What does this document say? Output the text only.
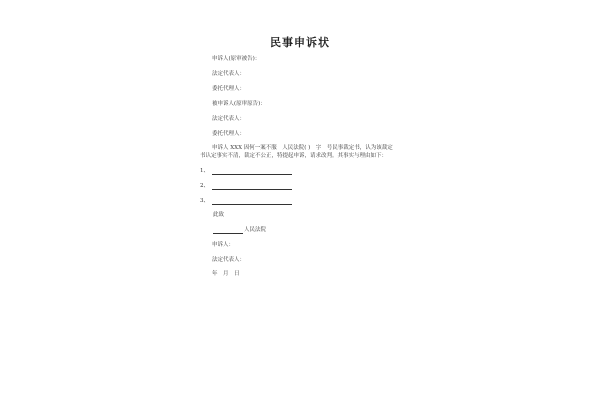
民事申诉状
申诉人(原审被告)：
法定代表人：
委托代理人：
被申诉人(原审原告)：
法定代表人：
委托代理人：
申诉人 XXX 因何一案不服　人民法院( )　字　号民事裁定书，认为该裁定书认定事实不清，裁定不公正，特提起申诉，请求改判。其事实与理由如下：
1、
2、
3、
此致
人民法院
申诉人：
法定代表人：
年　月　日
